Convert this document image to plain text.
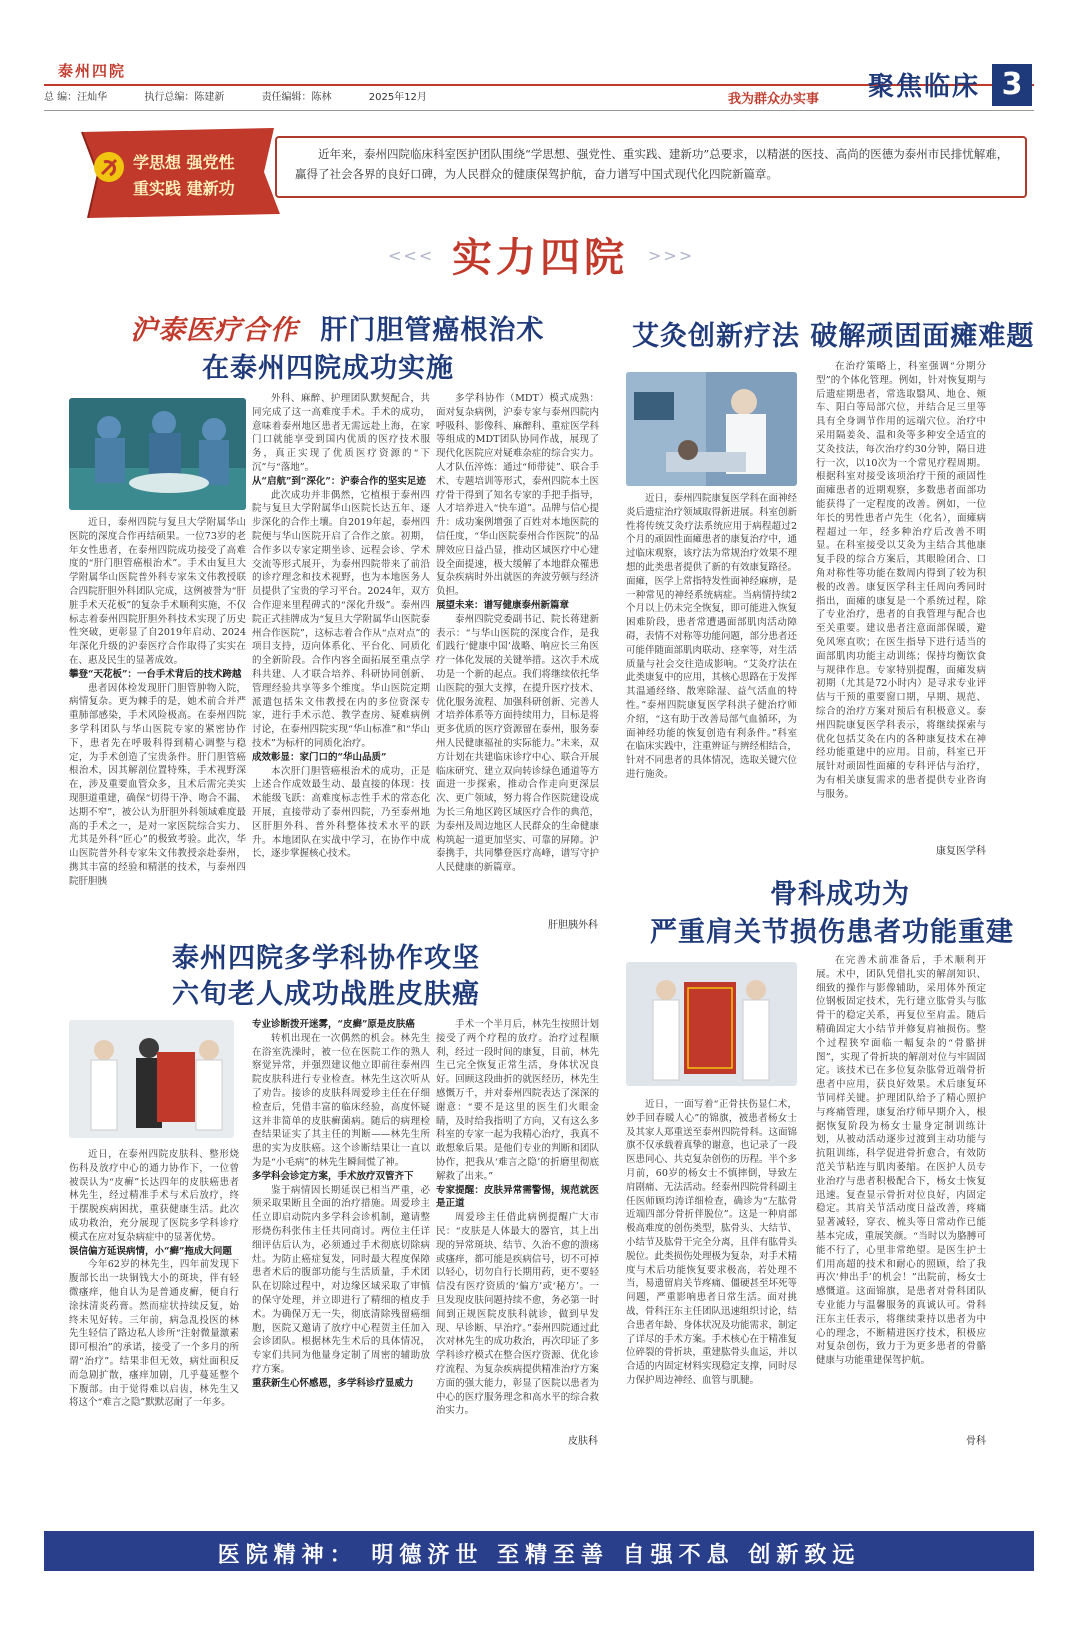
泰州四院
总 编：汪灿华	执行总编：陈建新	责任编辑：陈林	2025年12月	我为群众办实事 聚焦临床 3
学思想 强党性
重实践 建新功
近年来，泰州四院临床科室医护团队围绕“学思想、强党性、重实践、建新功”总要求，以精湛的医技、高尚的医德为泰州市民排忧解难，赢得了社会各界的良好口碑，为人民群众的健康保驾护航，奋力谱写中国式现代化四院新篇章。
<<< 实力四院	>>>
沪泰医疗合作 肝门胆管癌根治术
在泰州四院成功实施

近日，泰州四院与复旦大学附属华山医院的深度合作再结硕果。一位73岁的老年女性患者，在泰州四院成功接受了高难度的“肝门胆管癌根治术”。手术由复旦大学附属华山医院普外科专家朱文伟教授联合四院肝胆外科团队完成，这例被誉为“肝脏手术天花板”的复杂手术顺利实施，不仅标志着泰州四院肝胆外科技术实现了历史性突破，更彰显了自2019年启动、2024年深化升级的沪泰医疗合作取得了实实在在、惠及民生的显著成效。

攀登“天花板”：一台手术背后的技术跨越

患者因体检发现肝门胆管肿物入院，病情复杂。更为棘手的是，她术前合并严重肺部感染，手术风险极高。在泰州四院多学科团队与华山医院专家的紧密协作下，患者先在呼吸科得到精心调整与稳定，为手术创造了宝贵条件。肝门胆管癌根治术，因其解剖位置特殊，手术视野深在，涉及重要血管众多，且术后需完美实现胆道重建，确保“切得干净、吻合不漏、达期不窄”，被公认为肝胆外科领域难度最高的手术之一，是对一家医院综合实力、尤其是外科“匠心”的极致考验。此次，华山医院普外科专家朱文伟教授亲赴泰州，携其丰富的经验和精湛的技术，与泰州四院肝胆胰

外科、麻醉、护理团队默契配合，共同完成了这一高难度手术。手术的成功，意味着泰州地区患者无需远赴上海，在家门口就能享受到国内优质的医疗技术服务，真正实现了优质医疗资源的“下沉”与“落地”。

从“启航”到“深化”：沪泰合作的坚实足迹

此次成功并非偶然，它植根于泰州四院与复旦大学附属华山医院长达五年、逐步深化的合作土壤。自2019年起，泰州四院便与华山医院开启了合作之旅。初期，合作多以专家定期坐诊、远程会诊、学术交流等形式展开，为泰州四院带来了前沿的诊疗理念和技术视野，也为本地医务人员提供了宝贵的学习平台。2024年，双方合作迎来里程碑式的“深化升级”。泰州四院正式挂牌成为“复旦大学附属华山医院泰州合作医院”，这标志着合作从“点对点”的项目支持，迈向体系化、平台化、同质化的全新阶段。合作内容全面拓展至重点学科共建、人才联合培养、科研协同创新、管理经验共享等多个维度。华山医院定期派遣包括朱文伟教授在内的多位资深专家，进行手术示范、教学查房、疑难病例讨论，在泰州四院实现“华山标准”和“华山技术”为标杆的同质化治疗。

成效彰显：家门口的“华山品质”

本次肝门胆管癌根治术的成功，正是上述合作成效最生动、最直接的体现：技术能级飞跃：高难度标志性手术的常态化开展，直接带动了泰州四院，乃至泰州地区肝胆外科、普外科整体技术水平的跃升。本地团队在实战中学习，在协作中成长，逐步掌握核心技术。

多学科协作（MDT）模式成熟：面对复杂病例，沪泰专家与泰州四院内呼吸科、影像科、麻醉科、重症医学科等组成的MDT团队协同作战，展现了现代化医院应对疑难杂症的综合实力。人才队伍淬炼：通过“师带徒”、联合手术、专题培训等形式，泰州四院本土医疗骨干得到了知名专家的手把手指导，人才培养进入“快车道”。品牌与信心提升：成功案例增强了百姓对本地医院的信任度，“华山医院泰州合作医院”的品牌效应日益凸显，推动区域医疗中心建设全面提速，极大缓解了本地群众罹患复杂疾病时外出就医的奔波劳顿与经济负担。

展望未来：谱写健康泰州新篇章

泰州四院党委副书记、院长蒋建新表示：“与华山医院的深度合作，是我们践行‘健康中国’战略、响应长三角医疗一体化发展的关键举措。这次手术成功是一个新的起点。我们将继续依托华山医院的强大支撑，在提升医疗技术、优化服务流程、加强科研创新、完善人才培养体系等方面持续用力，目标是将更多优质的医疗资源留在泰州，服务泰州人民健康福祉的实际能力。”未来，双方计划在共建临床诊疗中心、联合开展临床研究、建立双向转诊绿色通道等方面进一步探索，推动合作走向更深层次、更广领域，努力将合作医院建设成为长三角地区跨区域医疗合作的典范，为泰州及周边地区人民群众的生命健康构筑起一道更加坚实、可靠的屏障。沪泰携手，共同攀登医疗高峰，谱写守护人民健康的新篇章。

肝胆胰外科
艾灸创新疗法 破解顽固面瘫难题

近日，泰州四院康复医学科在面神经炎后遗症治疗领域取得新进展。科室创新性将传统艾灸疗法系统应用于病程超过2个月的顽固性面瘫患者的康复治疗中，通过临床观察，该疗法为常规治疗效果不理想的此类患者提供了新的有效康复路径。面瘫，医学上常指特发性面神经麻痹，是一种常见的神经系统病症。当病情持续2个月以上仍未完全恢复，即可能进入恢复困难阶段，患者常遭遇面部肌肉活动障碍，表情不对称等功能问题，部分患者还可能伴随面部肌肉联动、痉挛等，对生活质量与社会交往造成影响。“艾灸疗法在此类康复中的应用，其核心思路在于发挥其温通经络、散寒除湿、益气活血的特性。”泰州四院康复医学科洪子健治疗师介绍，“这有助于改善局部气血循环，为面神经功能的恢复创造有利条件。”科室在临床实践中，注重辨证与辨经相结合，针对不同患者的具体情况，选取关键穴位进行施灸。

在治疗策略上，科室强调“分期分型”的个体化管理。例如，针对恢复期与后遗症期患者，常选取翳风、地仓、颊车、阳白等局部穴位，并结合足三里等具有全身调节作用的远端穴位。治疗中采用隔姜灸、温和灸等多种安全适宜的艾灸技法，每次治疗约30分钟，隔日进行一次，以10次为一个常见疗程周期。根据科室对接受该项治疗干预的顽固性面瘫患者的近期观察，多数患者面部功能获得了一定程度的改善。例如，一位年长的男性患者卢先生（化名），面瘫病程超过一年，经多种治疗后改善不明显。在科室接受以艾灸为主结合其他康复手段的综合方案后，其眼睑闭合、口角对称性等功能在数周内得到了较为积极的改善。康复医学科主任周向秀同时指出，面瘫的康复是一个系统过程，除了专业治疗，患者的自我管理与配合也至关重要。建议患者注意面部保暖，避免风寒直吹；在医生指导下进行适当的面部肌肉功能主动训练；保持均衡饮食与规律作息。专家特别提醒，面瘫发病初期（尤其是72小时内）是寻求专业评估与干预的重要窗口期，早期、规范、综合的治疗方案对预后有积极意义。泰州四院康复医学科表示，将继续探索与优化包括艾灸在内的各种康复技术在神经功能重建中的应用。目前，科室已开展针对顽固性面瘫的专科评估与治疗，为有相关康复需求的患者提供专业咨询与服务。

康复医学科
泰州四院多学科协作攻坚
六旬老人成功战胜皮肤癌

近日，在泰州四院皮肤科、整形烧伤科及放疗中心的通力协作下，一位曾被误认为“皮癣”长达四年的皮肤癌患者林先生，经过精准手术与术后放疗，终于摆脱疾病困扰，重获健康生活。此次成功救治，充分展现了医院多学科诊疗模式在应对复杂病症中的显著优势。

误信偏方延误病情，小“癣”拖成大问题

今年62岁的林先生，四年前发现下腹部长出一块铜钱大小的斑块，伴有轻微瘙痒，他自认为是普通皮癣，便自行涂抹清炎药膏。然而症状持续反复，始终未见好转。三年前，病急乱投医的林先生轻信了路边私人诊所“注射微量激素即可根治”的承诺，接受了一个多月的所谓“治疗”。结果非但无效，病灶面积反而急剧扩散，瘙痒加剧，几乎蔓延整个下腹部。由于觉得难以启齿，林先生又将这个“难言之隐”默默忍耐了一年多。

专业诊断拨开迷雾，“皮癣”原是皮肤癌

转机出现在一次偶然的机会。林先生在浴室洗澡时，被一位在医院工作的熟人察觉异常，并强烈建议他立即前往泰州四院皮肤科进行专业检查。林先生这次听从了劝告。接诊的皮肤科周爱珍主任在仔细检查后，凭借丰富的临床经验，高度怀疑这并非简单的皮肤癣菌病。随后的病理检查结果证实了其主任的判断——林先生所患的实为皮肤癌。这个诊断结果让一直以为是“小毛病”的林先生瞬间慌了神。

多学科会诊定方案，手术放疗双管齐下

鉴于病情因长期延误已相当严重，必须采取果断且全面的治疗措施。周爱珍主任立即启动院内多学科会诊机制，邀请整形烧伤科张伟主任共同商讨。两位主任详细评估后认为，必须通过手术彻底切除病灶。为防止癌症复发，同时最大程度保障患者术后的腹部功能与生活质量，手术团队在切除过程中，对边缘区域采取了审慎的保守处理，并立即进行了精细的植皮手术。为确保万无一失，彻底清除残留癌细胞，医院又邀请了放疗中心程贺主任加入会诊团队。根据林先生术后的具体情况，专家们共同为他量身定制了周密的辅助放疗方案。

重获新生心怀感恩，多学科诊疗显威力

手术一个半月后，林先生按照计划接受了两个疗程的放疗。治疗过程顺利，经过一段时间的康复，目前，林先生已完全恢复正常生活，身体状况良好。回顾这段曲折的就医经历，林先生感慨万千，并对泰州四院表达了深深的谢意：“要不是这里的医生们火眼金睛，及时给我指明了方向，又有这么多科室的专家一起为我精心治疗，我真不敢想象后果。是他们专业的判断和团队协作，把我从‘难言之隐’的折磨里彻底解救了出来。”

专家提醒：皮肤异常需警惕，规范就医是正道

周爱珍主任借此病例提醒广大市民：“皮肤是人体最大的器官，其上出现的异常斑块、结节、久治不愈的溃疡或瘙痒，都可能是疾病信号，切不可掉以轻心，切勿自行长期用药，更不要轻信没有医疗资质的‘偏方’或‘秘方’。一旦发现皮肤问题持续不愈，务必第一时间到正规医院皮肤科就诊，做到早发现、早诊断、早治疗。”泰州四院通过此次对林先生的成功救治，再次印证了多学科诊疗模式在整合医疗资源、优化诊疗流程、为复杂疾病提供精准治疗方案方面的强大能力，彰显了医院以患者为中心的医疗服务理念和高水平的综合救治实力。

皮肤科
骨科成功为
严重肩关节损伤患者功能重建

近日，一面写着“正骨扶伤显仁术，妙手回春暖人心”的锦旗，被患者杨女士及其家人郑重送至泰州四院骨科。这面锦旗不仅承载着真挚的谢意，也记录了一段医患同心、共克复杂创伤的历程。半个多月前，60岁的杨女士不慎摔倒，导致左肩剧痛、无法活动。经泰州四院骨科副主任医师顾均涛详细检查，确诊为“左肱骨近端四部分骨折伴脱位”。这是一种肩部极高难度的创伤类型，肱骨头、大结节、小结节及肱骨干完全分离，且伴有肱骨头脱位。此类损伤处理极为复杂，对手术精度与术后功能恢复要求极高，若处理不当，易遗留肩关节疼痛、僵硬甚至坏死等问题，严重影响患者日常生活。面对挑战，骨科汪东主任团队迅速组织讨论，结合患者年龄、身体状况及功能需求，制定了详尽的手术方案。手术核心在于精准复位碎裂的骨折块，重建肱骨头血运，并以合适的内固定材料实现稳定支撑，同时尽力保护周边神经、血管与肌腱。

在完善术前准备后，手术顺利开展。术中，团队凭借扎实的解剖知识、细致的操作与影像辅助，采用体外预定位钢板固定技术，先行建立肱骨头与肱骨干的稳定关系，再复位至肩盂。随后精确固定大小结节并修复肩袖损伤。整个过程狭窄面临一幅复杂的“骨骼拼图”，实现了骨折块的解剖对位与牢固固定。该技术已在多位复杂肱骨近端骨折患者中应用，获良好效果。术后康复环节同样关键。护理团队给予了精心照护与疼痛管理，康复治疗师早期介入，根据恢复阶段为杨女士量身定制训练计划，从被动活动逐步过渡到主动功能与抗阻训练，科学促进骨折愈合，有效防范关节粘连与肌肉萎缩。在医护人员专业治疗与患者积极配合下，杨女士恢复迅速。复查显示骨折对位良好，内固定稳定。其肩关节活动度日益改善，疼痛显著减轻，穿衣、梳头等日常动作已能基本完成，重展笑颜。“当时以为胳膊可能不行了，心里非常绝望。是医生护士们用高超的技术和耐心的照顾，给了我再次‘伸出手’的机会！”出院前，杨女士感慨道。这面锦旗，是患者对骨科团队专业能力与温馨服务的真诚认可。骨科汪东主任表示，将继续秉持以患者为中心的理念，不断精进医疗技术，积极应对复杂创伤，致力于为更多患者的骨骼健康与功能重建保驾护航。

骨科
医院精神： 明德济世 至精至善 自强不息 创新致远
